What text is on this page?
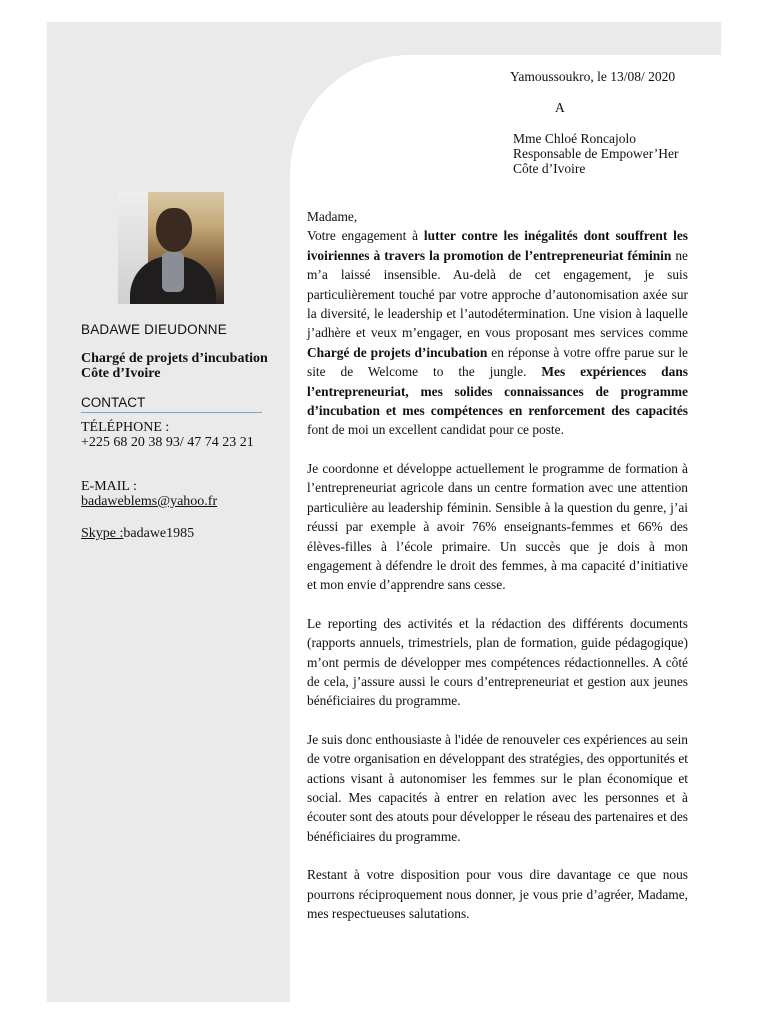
BADAWE DIEUDONNE
Chargé de projets d’incubation Côte d’Ivoire
CONTACT
TÉLÉPHONE :
+225 68 20 38 93/ 47 74 23 21
E-MAIL :
badaweblems@yahoo.fr
Skype :badawe1985
Yamoussoukro, le 13/08/ 2020
A
Mme Chloé Roncajolo
Responsable de Empower’Her
Côte d’Ivoire

Madame,
Votre engagement à lutter contre les inégalités dont souffrent les ivoiriennes à travers la promotion de l’entrepreneuriat féminin ne m’a laissé insensible. Au-delà de cet engagement, je suis particulièrement touché par votre approche d’autonomisation axée sur la diversité, le leadership et l’autodétermination. Une vision à laquelle j’adhère et veux m’engager, en vous proposant mes services comme Chargé de projets d’incubation en réponse à votre offre parue sur le site de Welcome to the jungle. Mes expériences dans l’entrepreneuriat, mes solides connaissances de programme d’incubation et mes compétences en renforcement des capacités font de moi un excellent candidat pour ce poste.

Je coordonne et développe actuellement le programme de formation à l’entrepreneuriat agricole dans un centre formation avec une attention particulière au leadership féminin. Sensible à la question du genre, j’ai réussi par exemple à avoir 76% enseignants-femmes et 66% des élèves-filles à l’école primaire. Un succès que je dois à mon engagement à défendre le droit des femmes, à ma capacité d’initiative et mon envie d’apprendre sans cesse.

Le reporting des activités et la rédaction des différents documents (rapports annuels, trimestriels, plan de formation, guide pédagogique) m’ont permis de développer mes compétences rédactionnelles. A côté de cela, j’assure aussi le cours d’entrepreneuriat et gestion aux jeunes bénéficiaires du programme.

Je suis donc enthousiaste à l'idée de renouveler ces expériences au sein de votre organisation en développant des stratégies, des opportunités et actions visant à autonomiser les femmes sur le plan économique et social. Mes capacités à entrer en relation avec les personnes et à écouter sont des atouts pour développer le réseau des partenaires et des bénéficiaires du programme.

Restant à votre disposition pour vous dire davantage ce que nous pourrons réciproquement nous donner, je vous prie d’agréer, Madame, mes respectueuses salutations.
